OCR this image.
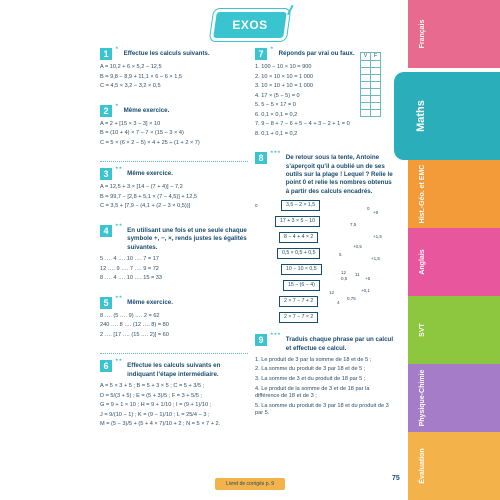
EXOS
1
★
Effectue les calculs suivants.
A = 10,2 + 6 × 5,2 − 12,5
B = 9,8 − 8,9 + 11,1 × 6 − 6 × 1,5
C = 4,5 × 3,2 − 3,2 × 0,5
2
★
Même exercice.
A = 2 + [15 × 3 − 3] × 10
B = (10 + 4) × 7 − 7 × (15 − 3 × 4)
C = 5 × (6 × 2 − 5) × 4 + 25 ÷ (1 + 2 × 7)
3
★★
Même exercice.
A = 12,5 + 3 × [14 − (7 + 4)] − 7,2
B = 99,7 − [2,8 + 5,1 × (7 − 4,5)] + 12,5
C = 3,5 + [7,9 − (4,1 + (2 − 3 × 0,5))]
4
★★
En utilisant une fois et une seule chaque symbole +, −, ×, rends justes les égalités suivantes.
5 …. 4 …. 10 …. 7 = 17
12 …. 9 …. 7 …. 9 = 72
8 …. 4 …. 10 …. 15 = 33
5
★★
Même exercice.
8 …. (5 …. 9) …. 2 = 62
240 …. 8 …. (12 …. 8) = 80
2 …. [17 …. (15 …. 2)] = 60
6
★★
Effectue les calculs suivants en indiquant l’étape intermédiaire.
A = 5 × 3 + 5 ; B = 5 + 3 × 5 ; C = 5 + 3/5 ;
D = 5/(3 + 5) ; E = (5 + 3)/5 ; F = 3 + 5/5 ;
G = 9 + 1 × 10 ; H = 9 + 1/10 ; I = (9 + 1)/10 ;
J = 9/(10 − 1) ; K = (9 − 1)/10 ; L = 25/4 − 3 ;
M = (5 − 3)/5 + (5 + 4 × 7)/10 + 2 ; N = 5 × 7 + 2.
7
★
Réponds par vrai ou faux.
1. 100 − 10 × 10 = 900
2. 10 × 10 × 10 = 1 000
3. 10 × 10 + 10 = 1 000
4. 17 × (5 − 5) = 0
5. 5 − 5 × 17 = 0
6. 0,1 × 0,1 = 0,2
7. 9 − 8 + 7 − 6 + 5 − 4 + 3 − 2 + 1 = 0
8. 0,1 + 0,1 = 0,2
8
★★★
De retour sous la tente, Antoine s’aperçoit qu’il a oublié un de ses outils sur la plage ! Lequel ? Relie le point 0 et relie les nombres obtenus à partir des calculs encadrés.
0	3,5 − 2 × 1,5
17 + 3 × 5 − 10
8 − 4 + 4 × 2
0,5 × 0,5 + 0,5
10 − 10 × 0,5
15 − (6 − 4)
2 × 7 − 7 + 2
2 × 7 − 7 × 2
0
+9
7,5
+1,5
+0,5
5
+1,5
12
0,5
11
+5
12	+0,1
4
0,75
9
★★★
Traduis chaque phrase par un calcul et effectue ce calcul.
1. Le produit de 3 par la somme de 18 et de 5 ;
2. La somme du produit de 3 par 18 et de 5 ;
3. La somme de 3 et du produit de 18 par 5 ;
4. Le produit de la somme de 3 et de 18 par la différence de 18 et de 3 ;
5. La somme du produit de 3 par 18 et du produit de 3 par 5.
V	F

Français
Maths
Hist.-Géo. et EMC
Anglais
SVT
Physique-Chimie
Évaluation
Livret de corrigés p. 9
75
